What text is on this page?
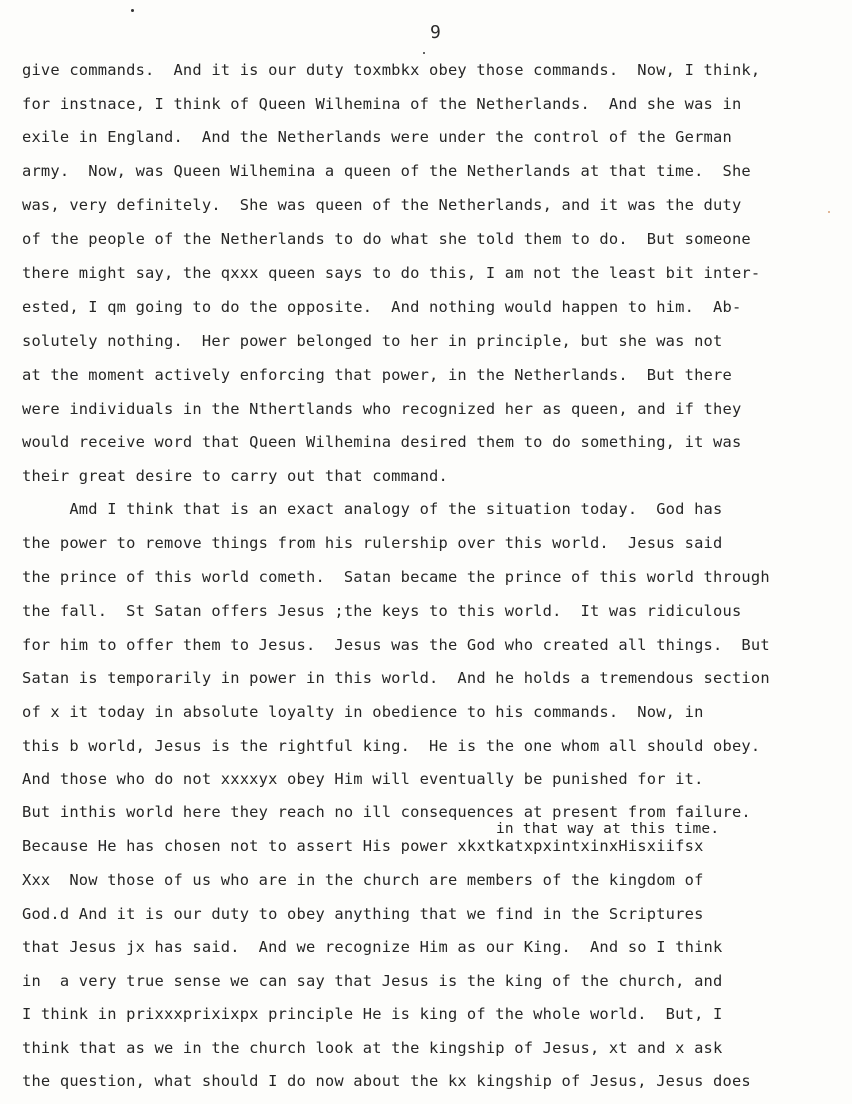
9
give commands.  And it is our duty toxmbkx obey those commands.  Now, I think,
for instnace, I think of Queen Wilhemina of the Netherlands.  And she was in
exile in England.  And the Netherlands were under the control of the German
army.  Now, was Queen Wilhemina a queen of the Netherlands at that time.  She
was, very definitely.  She was queen of the Netherlands, and it was the duty
of the people of the Netherlands to do what she told them to do.  But someone
there might say, the qxxx queen says to do this, I am not the least bit inter-
ested, I qm going to do the opposite.  And nothing would happen to him.  Ab-
solutely nothing.  Her power belonged to her in principle, but she was not
at the moment actively enforcing that power, in the Netherlands.  But there
were individuals in the Nthertlands who recognized her as queen, and if they
would receive word that Queen Wilhemina desired them to do something, it was
their great desire to carry out that command.
Amd I think that is an exact analogy of the situation today.  God has
the power to remove things from his rulership over this world.  Jesus said
the prince of this world cometh.  Satan became the prince of this world through
the fall.  St Satan offers Jesus ;the keys to this world.  It was ridiculous
for him to offer them to Jesus.  Jesus was the God who created all things.  But
Satan is temporarily in power in this world.  And he holds a tremendous section
of x it today in absolute loyalty in obedience to his commands.  Now, in
this b world, Jesus is the rightful king.  He is the one whom all should obey.
And those who do not xxxxyx obey Him will eventually be punished for it.
But inthis world here they reach no ill consequences at present from failure.
in that way at this time.
Because He has chosen not to assert His power xkxtkatxpxintxinxHisxiifsx
Xxx  Now those of us who are in the church are members of the kingdom of
God.d And it is our duty to obey anything that we find in the Scriptures
that Jesus jx has said.  And we recognize Him as our King.  And so I think
in  a very true sense we can say that Jesus is the king of the church, and
I think in prixxxprixixpx principle He is king of the whole world.  But, I
think that as we in the church look at the kingship of Jesus, xt and x ask
the question, what should I do now about the kx kingship of Jesus, Jesus does
